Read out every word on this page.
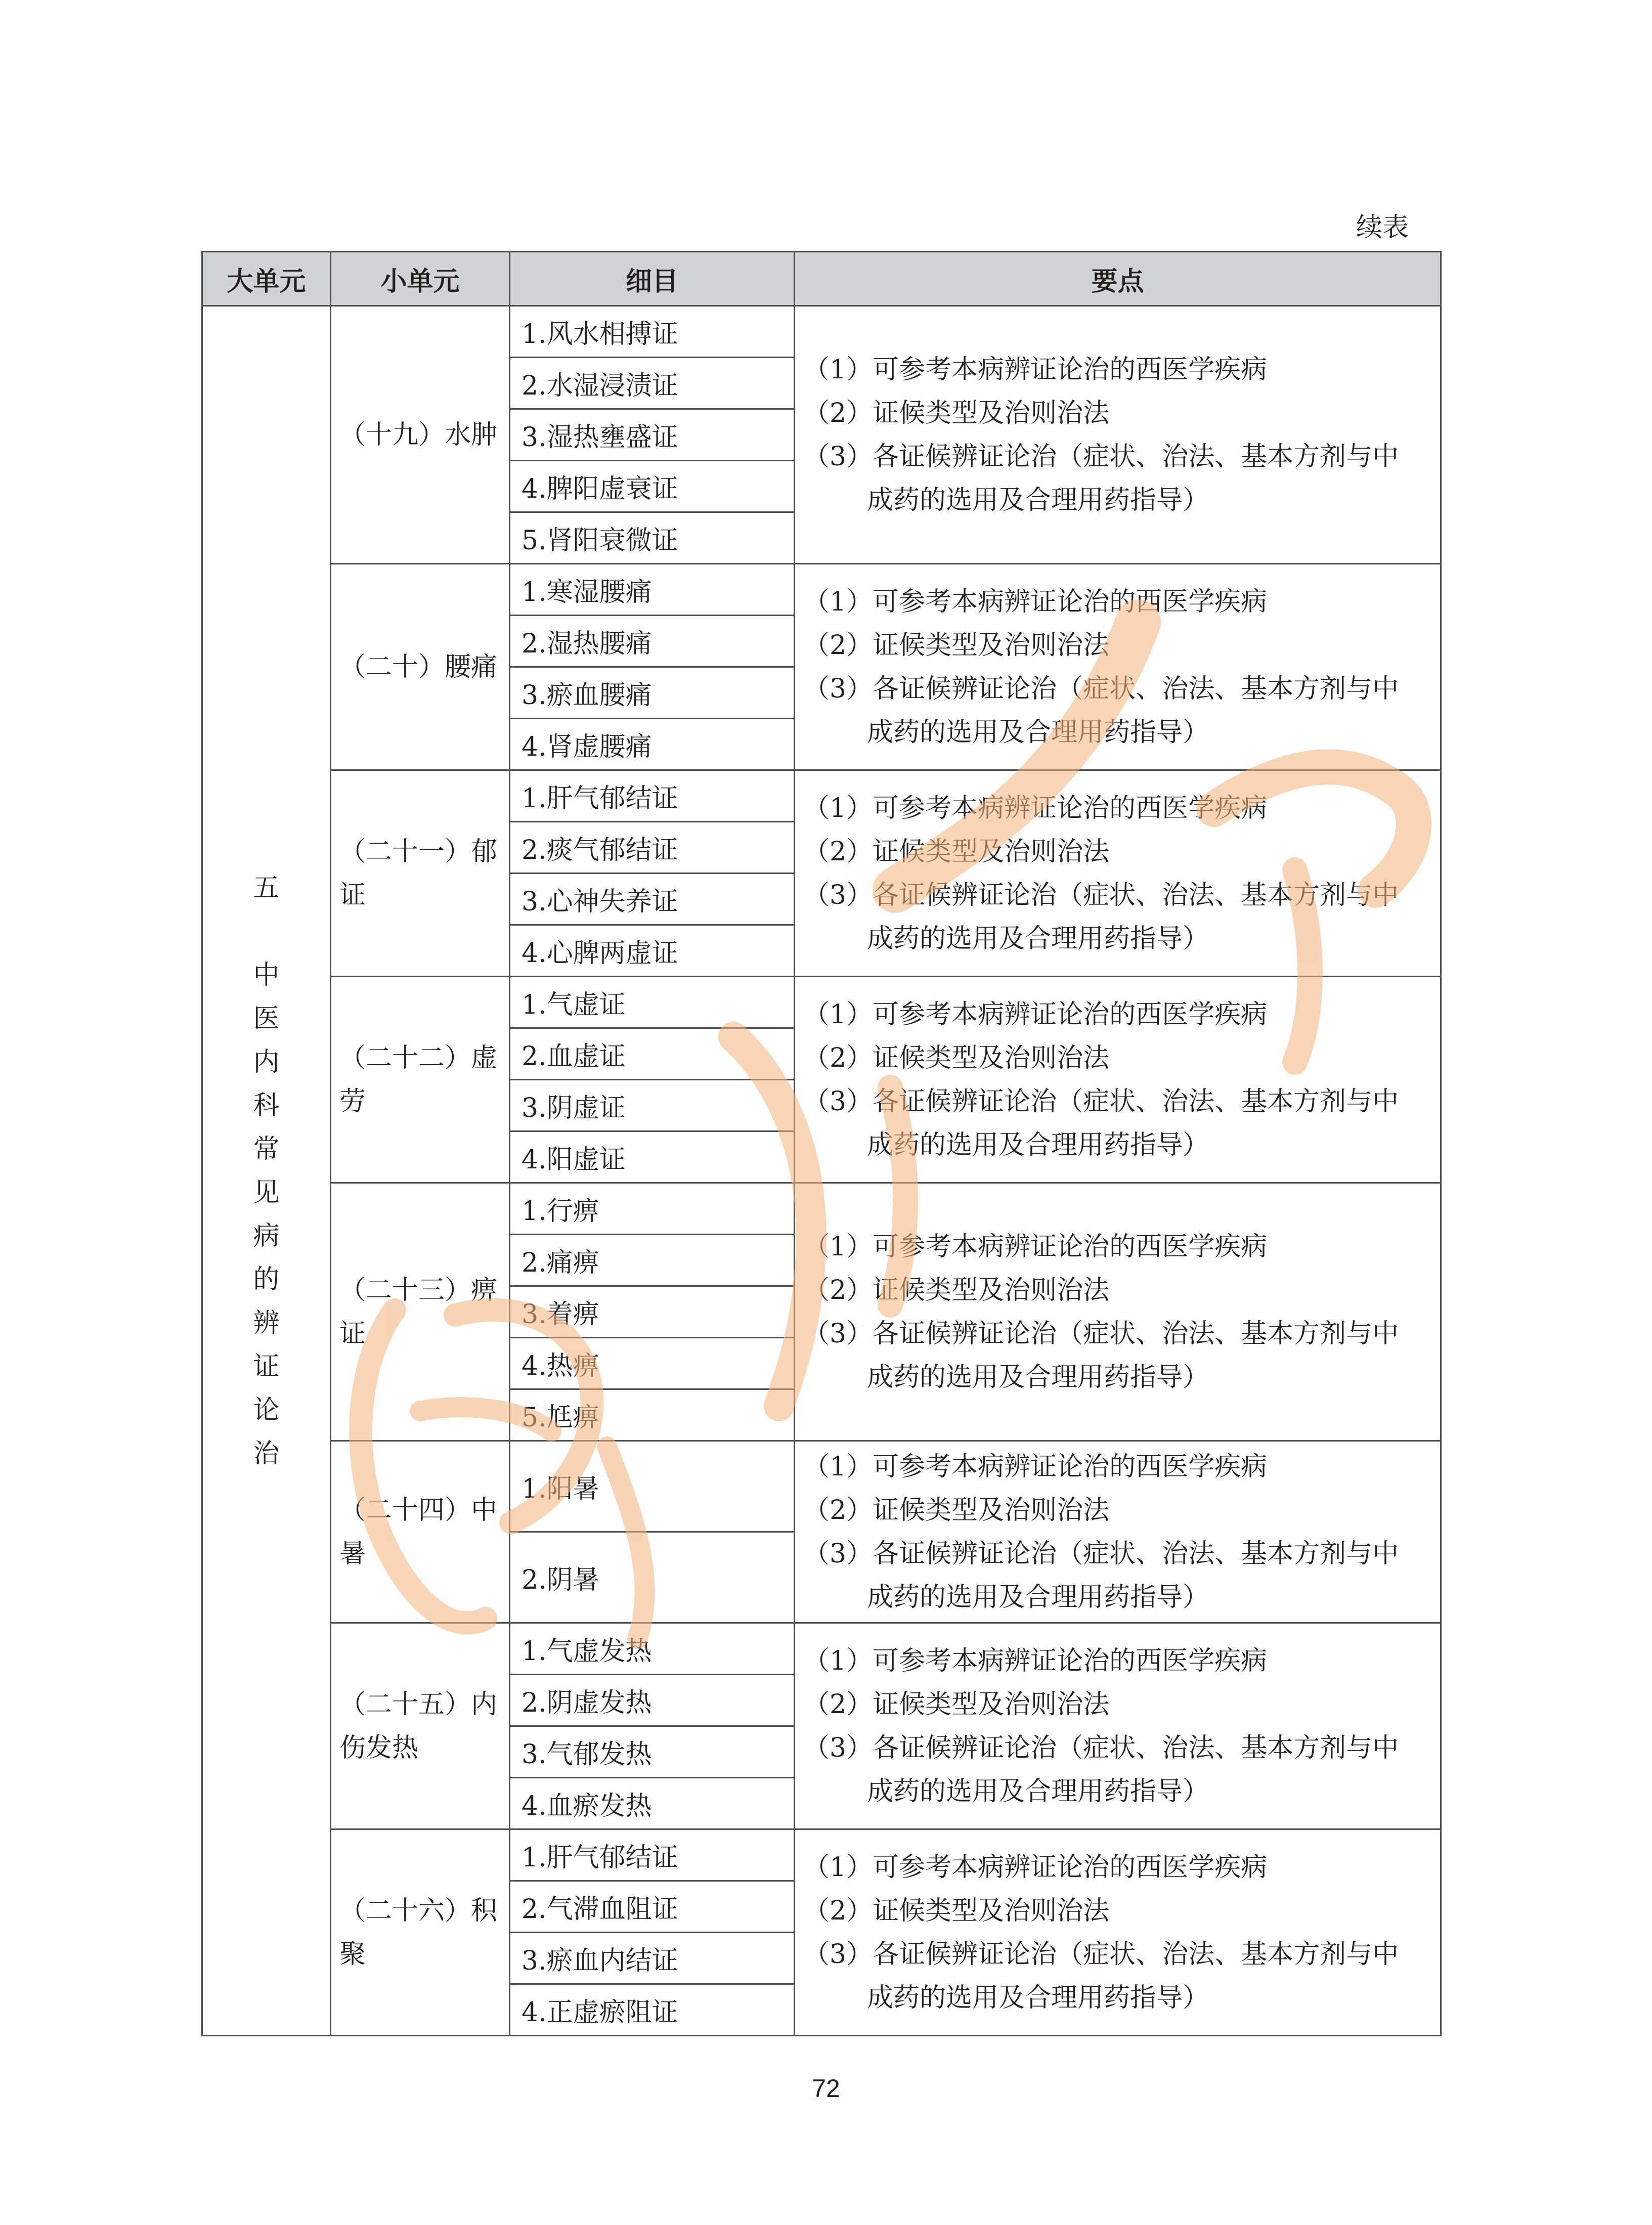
续表
大单元	小单元	细目	要点

五
中医内科常见病的辨证论治	（十九）水肿	1.风水相搏证	（1）可参考本病辨证论治的西医学疾病
（2）证候类型及治则治法
（3）各证候辨证论治（症状、治法、基本方剂与中
成药的选用及合理用药指导）

		2.水湿浸渍证	
		3.湿热壅盛证	
		4.脾阳虚衰证	
		5.肾阳衰微证	
	（二十）腰痛	1.寒湿腰痛	（1）可参考本病辨证论治的西医学疾病
（2）证候类型及治则治法
（3）各证候辨证论治（症状、治法、基本方剂与中
成药的选用及合理用药指导）

		2.湿热腰痛	
		3.瘀血腰痛	
		4.肾虚腰痛	
	（二十一）郁证	1.肝气郁结证	（1）可参考本病辨证论治的西医学疾病
（2）证候类型及治则治法
（3）各证候辨证论治（症状、治法、基本方剂与中
成药的选用及合理用药指导）

		2.痰气郁结证	
		3.心神失养证	
		4.心脾两虚证	
	（二十二）虚劳	1.气虚证	（1）可参考本病辨证论治的西医学疾病
（2）证候类型及治则治法
（3）各证候辨证论治（症状、治法、基本方剂与中
成药的选用及合理用药指导）

		2.血虚证	
		3.阴虚证	
		4.阳虚证	
	（二十三）痹证	1.行痹	（1）可参考本病辨证论治的西医学疾病
（2）证候类型及治则治法
（3）各证候辨证论治（症状、治法、基本方剂与中
成药的选用及合理用药指导）

		2.痛痹	
		3.着痹	
		4.热痹	
		5.尪痹	
	（二十四）中暑	1.阳暑	（1）可参考本病辨证论治的西医学疾病
（2）证候类型及治则治法
（3）各证候辨证论治（症状、治法、基本方剂与中
成药的选用及合理用药指导）

		2.阴暑	
	（二十五）内伤发热	1.气虚发热	（1）可参考本病辨证论治的西医学疾病
（2）证候类型及治则治法
（3）各证候辨证论治（症状、治法、基本方剂与中
成药的选用及合理用药指导）

		2.阴虚发热	
		3.气郁发热	
		4.血瘀发热	
	（二十六）积聚	1.肝气郁结证	（1）可参考本病辨证论治的西医学疾病
（2）证候类型及治则治法
（3）各证候辨证论治（症状、治法、基本方剂与中
成药的选用及合理用药指导）

		2.气滞血阻证	
		3.瘀血内结证	
		4.正虚瘀阻证	
72
